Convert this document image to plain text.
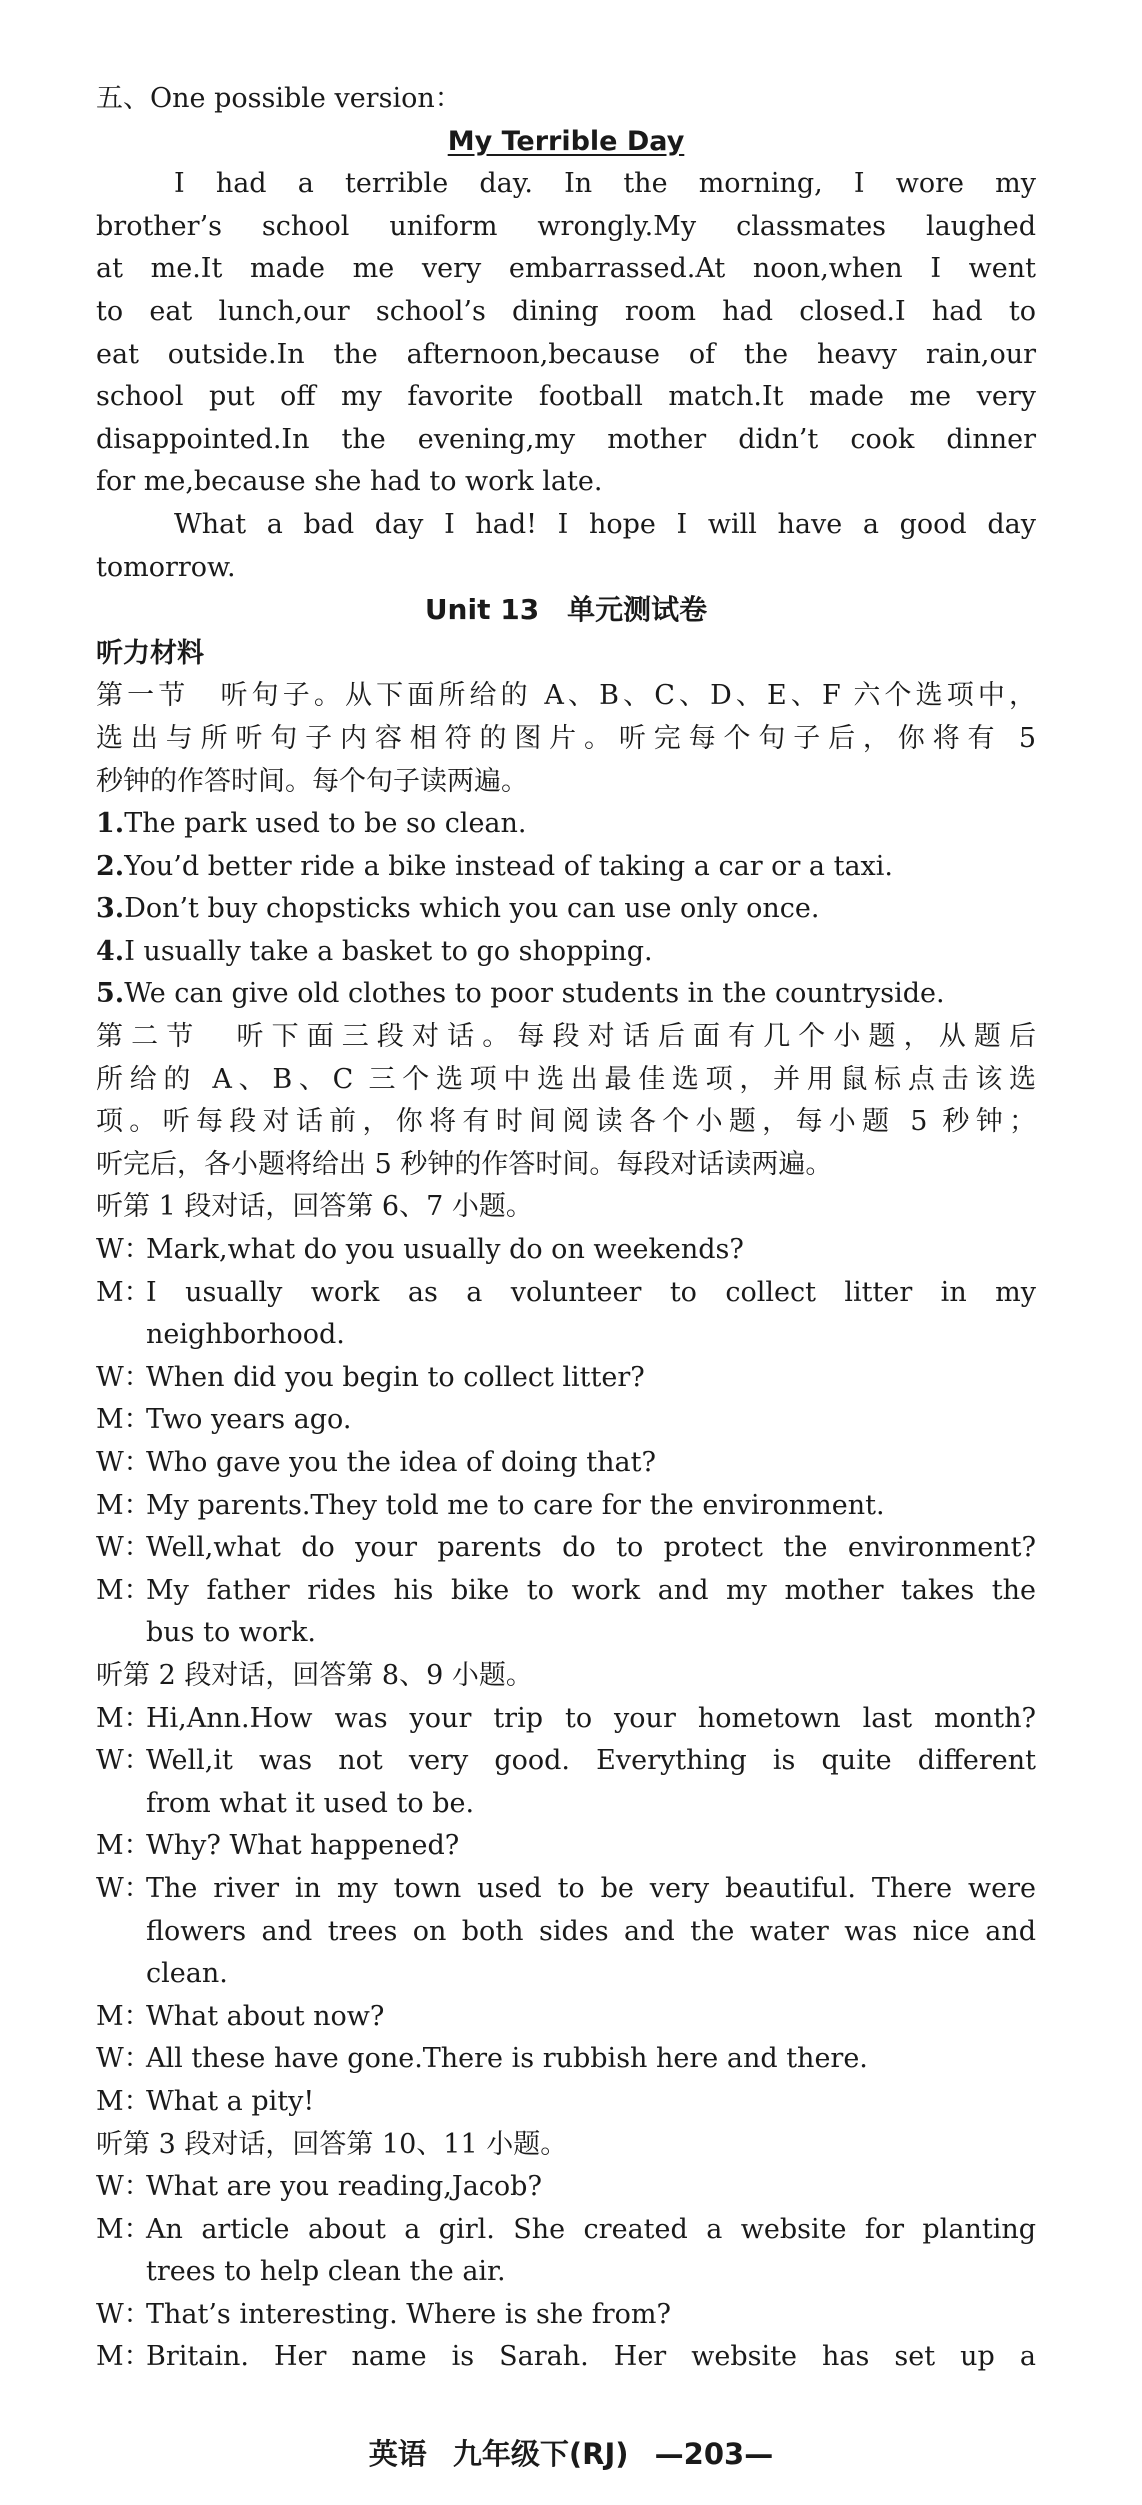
五、One possible version：
My Terrible Day
I had a terrible day. In the morning, I wore my
brother’s school uniform wrongly.My classmates laughed
at me.It made me very embarrassed.At noon,when I went
to eat lunch,our school’s dining room had closed.I had to
eat outside.In the afternoon,because of the heavy rain,our
school put off my favorite football match.It made me very
disappointed.In the evening,my mother didn’t cook dinner
for me,because she had to work late.
What a bad day I had! I hope I will have a good day
tomorrow.
Unit 13　单元测试卷
听力材料
第一节　听句子。从下面所给的 A、B、C、D、E、F 六个选项中，
选出与所听句子内容相符的图片。听完每个句子后，你将有 5
秒钟的作答时间。每个句子读两遍。
1.The park used to be so clean.
2.You’d better ride a bike instead of taking a car or a taxi.
3.Don’t buy chopsticks which you can use only once.
4.I usually take a basket to go shopping.
5.We can give old clothes to poor students in the countryside.
第二节　听下面三段对话。每段对话后面有几个小题，从题后
所给的 A、B、C 三个选项中选出最佳选项，并用鼠标点击该选
项。听每段对话前，你将有时间阅读各个小题，每小题 5 秒钟；
听完后，各小题将给出 5 秒钟的作答时间。每段对话读两遍。
听第 1 段对话，回答第 6、7 小题。
W：
Mark,what do you usually do on weekends?
M：
I usually work as a volunteer to collect litter in my
neighborhood.
W：
When did you begin to collect litter?
M：
Two years ago.
W：
Who gave you the idea of doing that?
M：
My parents.They told me to care for the environment.
W：
Well,what do your parents do to protect the environment?
M：
My father rides his bike to work and my mother takes the
bus to work.
听第 2 段对话，回答第 8、9 小题。
M：
Hi,Ann.How was your trip to your hometown last month?
W：
Well,it was not very good. Everything is quite different
from what it used to be.
M：
Why? What happened?
W：
The river in my town used to be very beautiful. There were
flowers and trees on both sides and the water was nice and
clean.
M：
What about now?
W：
All these have gone.There is rubbish here and there.
M：
What a pity!
听第 3 段对话，回答第 10、11 小题。
W：
What are you reading,Jacob?
M：
An article about a girl. She created a website for planting
trees to help clean the air.
W：
That’s interesting. Where is she from?
M：
Britain. Her name is Sarah. Her website has set up a
英语 九年级下(RJ) —203—
